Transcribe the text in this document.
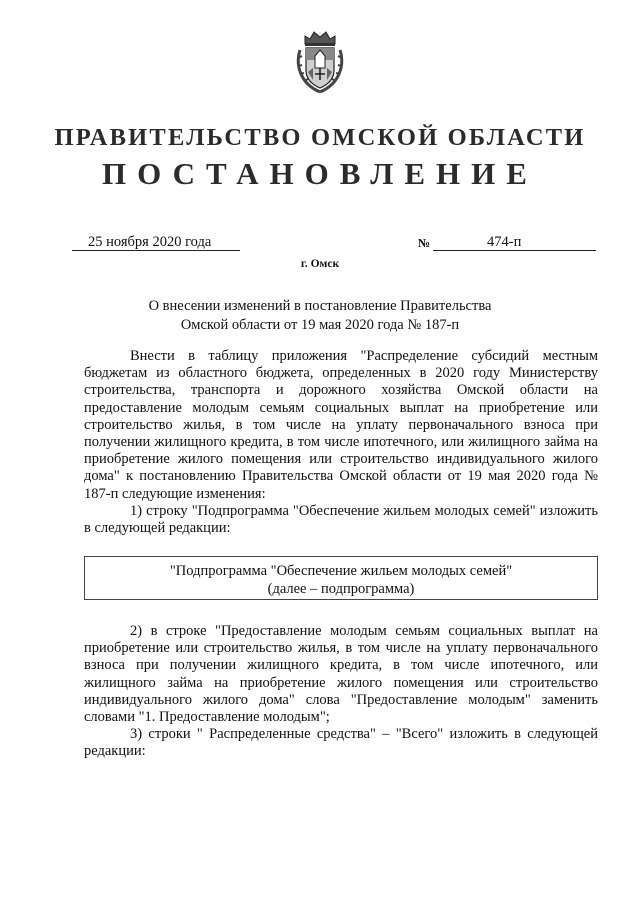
ПРАВИТЕЛЬСТВО ОМСКОЙ ОБЛАСТИ
ПОСТАНОВЛЕНИЕ
25 ноября 2020 года	№	474-п
г. Омск
О внесении изменений в постановление Правительства
Омской области от 19 мая 2020 года № 187-п

Внести в таблицу приложения "Распределение субсидий местным бюджетам из областного бюджета, определенных в 2020 году Министерству строительства, транспорта и дорожного хозяйства Омской области на предоставление молодым семьям социальных выплат на приобретение или строительство жилья, в том числе на уплату первоначального взноса при получении жилищного кредита, в том числе ипотечного, или жилищного займа на приобретение жилого помещения или строительство индивидуального жилого дома" к постановлению Правительства Омской области от 19 мая 2020 года № 187-п следующие изменения:

1) строку "Подпрограмма "Обеспечение жильем молодых семей" изложить в следующей редакции:

"Подпрограмма "Обеспечение жильем молодых семей"
(далее – подпрограмма)

2) в строке "Предоставление молодым семьям социальных выплат на приобретение или строительство жилья, в том числе на уплату первоначального взноса при получении жилищного кредита, в том числе ипотечного, или жилищного займа на приобретение жилого помещения или строительство индивидуального жилого дома" слова "Предоставление молодым" заменить словами "1. Предоставление молодым";

3) строки " Распределенные средства" – "Всего" изложить в следующей редакции:
